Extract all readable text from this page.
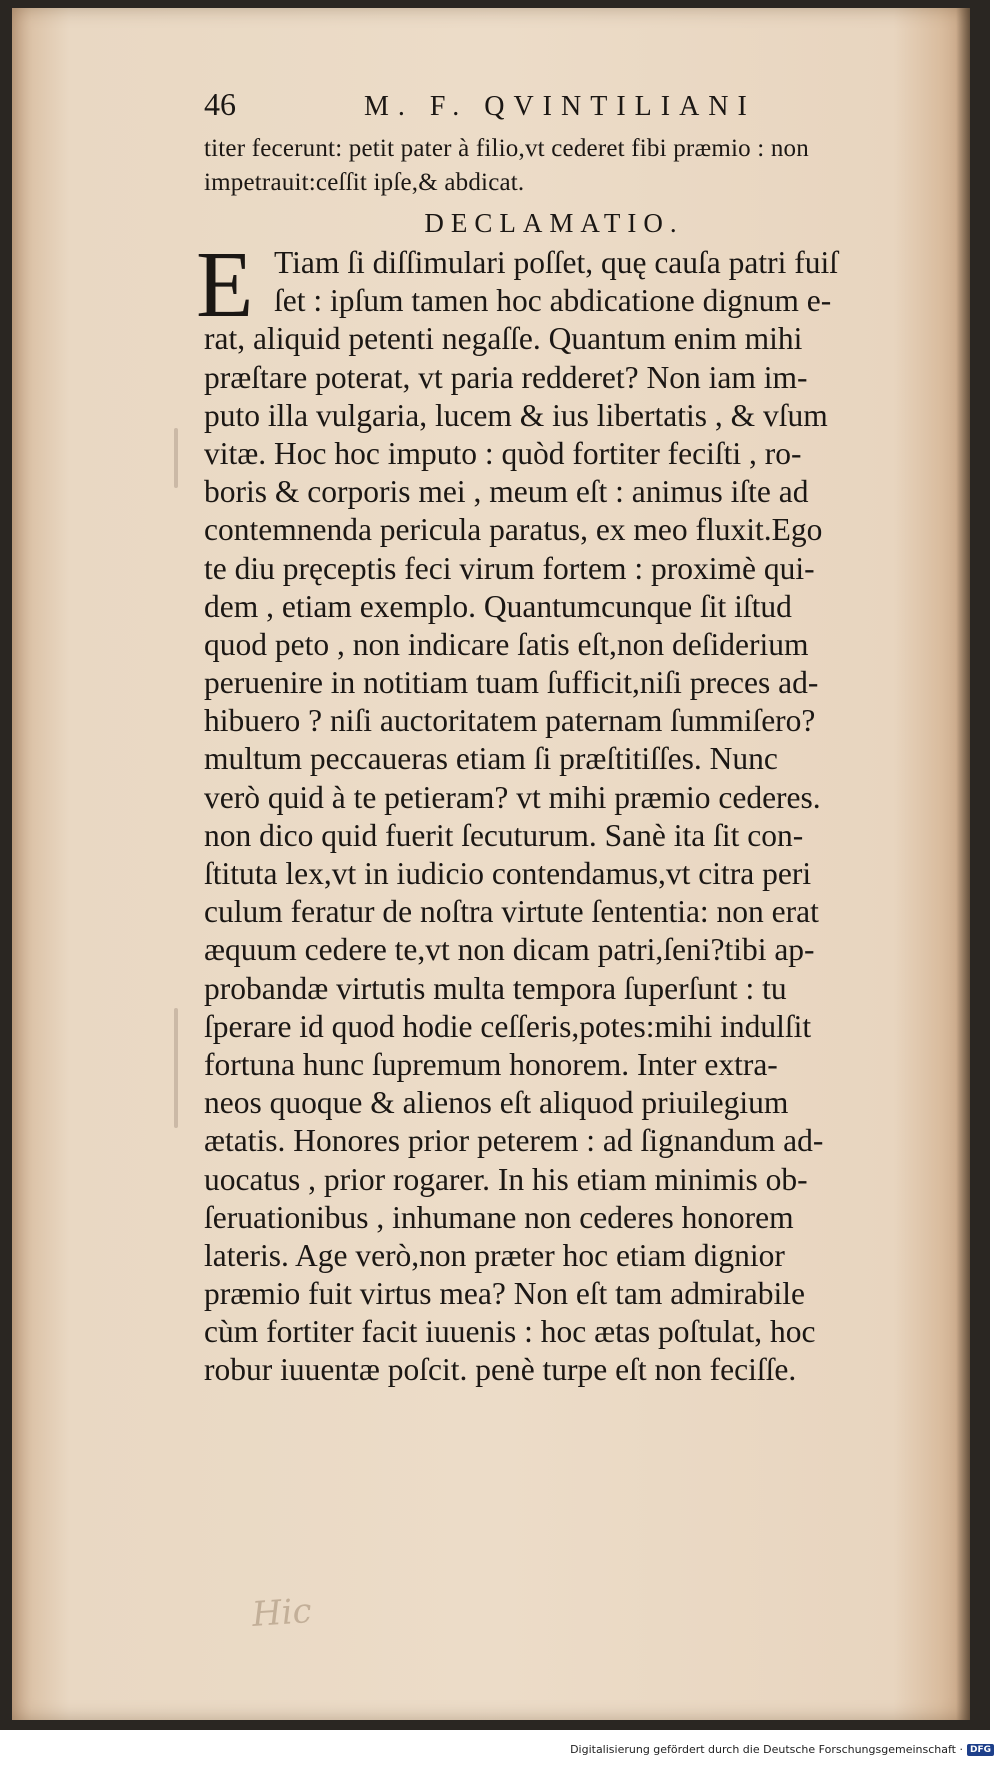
46	M. F. QVINTILIANI
titer fecerunt: petit pater à filio,vt cederet fibi præmio : non
impetrauit:ceſſit ipſe,& abdicat.
DECLAMATIO.
E Tiam ſi diſſimulari poſſet, quę cauſa patri fuiſ
ſet : ipſum tamen hoc abdicatione dignum e-
rat, aliquid petenti negaſſe. Quantum enim mihi
præſtare poterat, vt paria redderet? Non iam im-
puto illa vulgaria, lucem & ius libertatis , & vſum
vitæ. Hoc hoc imputo : quòd fortiter feciſti , ro-
boris & corporis mei , meum eſt : animus iſte ad
contemnenda pericula paratus, ex meo fluxit.Ego
te diu pręceptis feci virum fortem : proximè qui-
dem , etiam exemplo. Quantumcunque ſit iſtud
quod peto , non indicare ſatis eſt,non deſiderium
peruenire in notitiam tuam ſufficit,niſi preces ad-
hibuero ? niſi auctoritatem paternam ſummiſero?
multum peccaueras etiam ſi præſtitiſſes. Nunc
verò quid à te petieram? vt mihi præmio cederes.
non dico quid fuerit ſecuturum. Sanè ita ſit con-
ſtituta lex,vt in iudicio contendamus,vt citra peri
culum feratur de noſtra virtute ſententia: non erat
æquum cedere te,vt non dicam patri,ſeni?tibi ap-
probandæ virtutis multa tempora ſuperſunt : tu
ſperare id quod hodie ceſſeris,potes:mihi indulſit
fortuna hunc ſupremum honorem. Inter extra-
neos quoque & alienos eſt aliquod priuilegium
ætatis. Honores prior peterem : ad ſignandum ad-
uocatus , prior rogarer. In his etiam minimis ob-
ſeruationibus , inhumane non cederes honorem
lateris. Age verò,non præter hoc etiam dignior
præmio fuit virtus mea? Non eſt tam admirabile
cùm fortiter facit iuuenis : hoc ætas poſtulat, hoc
robur iuuentæ poſcit. penè turpe eſt non feciſſe.
Hic
Digitalisierung gefördert durch die Deutsche Forschungsgemeinschaft · DFG
